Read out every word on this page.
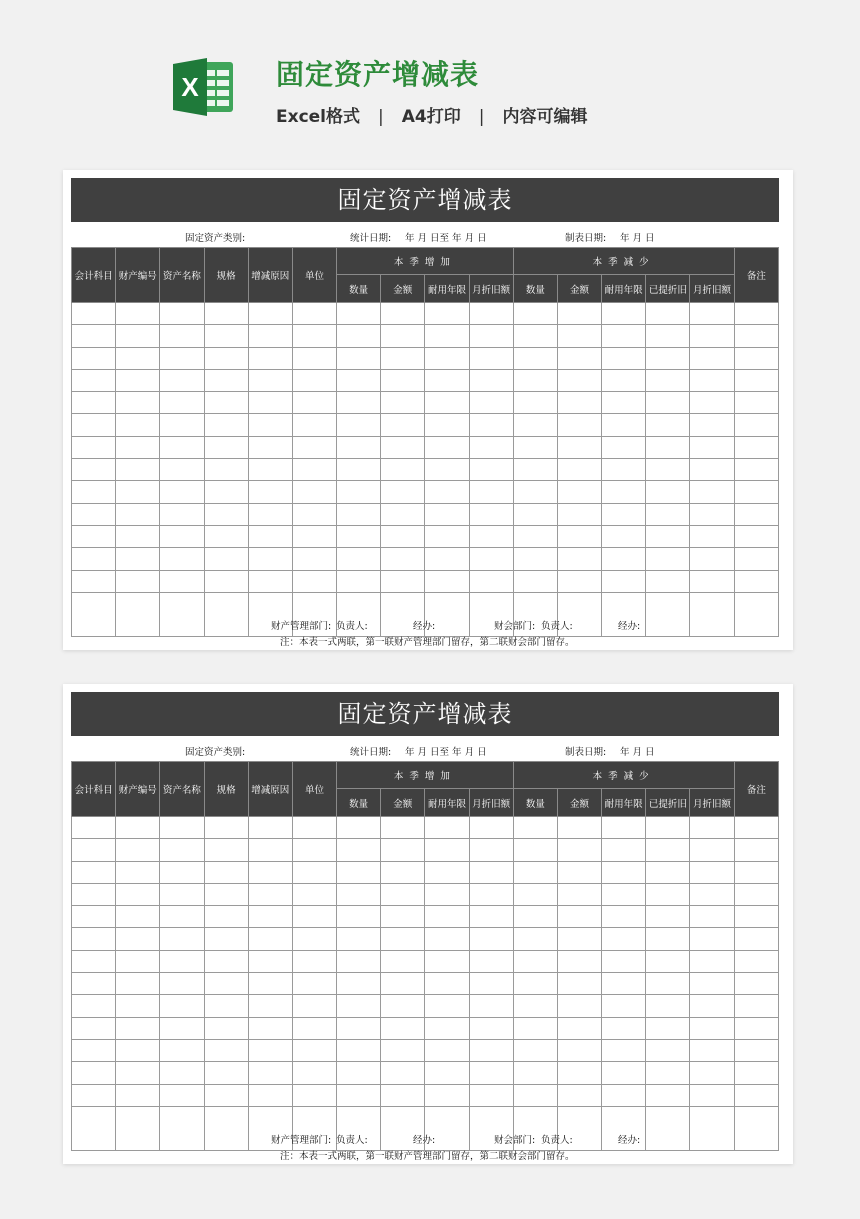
X	固定资产增减表
Excel格式 | A4打印 | 内容可编辑
固定资产增减表
固定资产类别:	统计日期: 年 月 日至 年 月 日	制表日期: 年 月 日
会计科目	财产编号	资产名称	规格	增减原因	单位	本季增加				本季减少					备注
						数量	金额	耐用年限	月折旧额	数量	金额	耐用年限	已提折旧	月折旧额	

财产管理部门: 负责人:	经办:	财会部门: 负责人:	经办:
注：本表一式两联，第一联财产管理部门留存，第二联财会部门留存。
固定资产增减表
固定资产类别:	统计日期: 年 月 日至 年 月 日	制表日期: 年 月 日
会计科目	财产编号	资产名称	规格	增减原因	单位	本季增加				本季减少					备注
						数量	金额	耐用年限	月折旧额	数量	金额	耐用年限	已提折旧	月折旧额	

财产管理部门: 负责人:	经办:	财会部门: 负责人:	经办:
注：本表一式两联，第一联财产管理部门留存，第二联财会部门留存。
